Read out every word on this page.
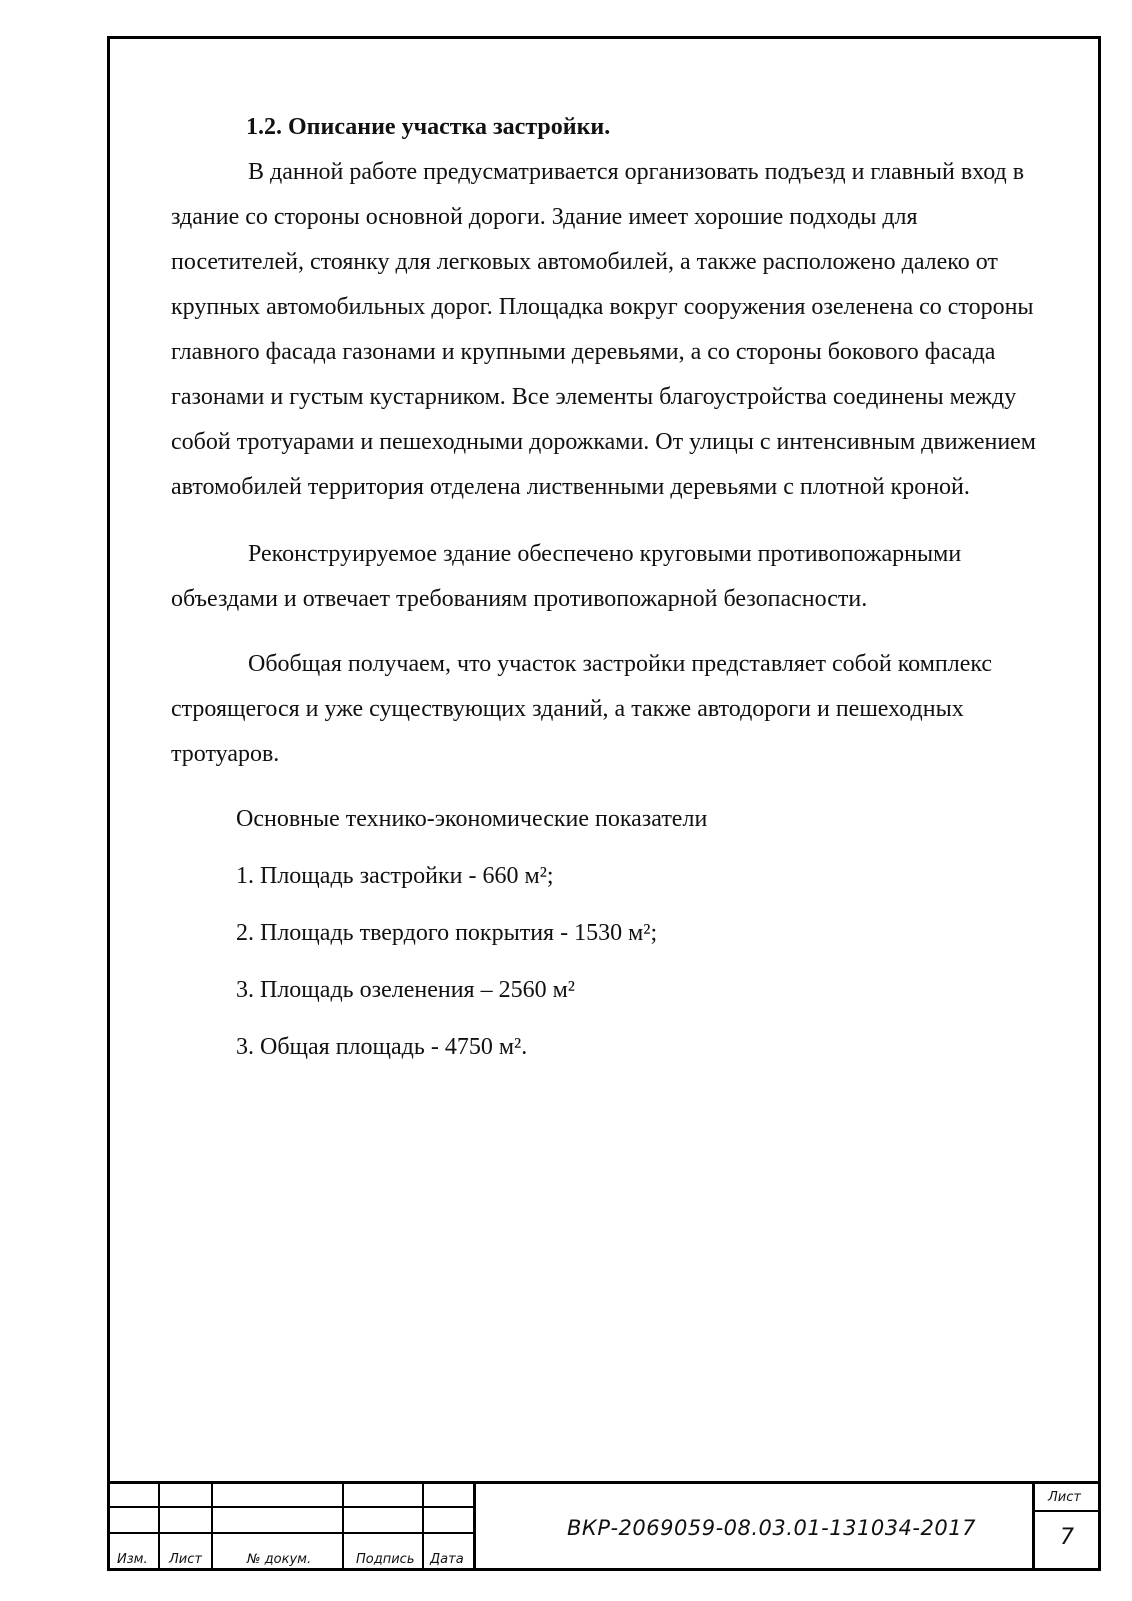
1.2. Описание участка застройки.

В данной работе предусматривается организовать подъезд и главный вход в здание со стороны основной дороги. Здание имеет хорошие подходы для посетителей, стоянку для легковых автомобилей, а также расположено далеко от крупных автомобильных дорог. Площадка вокруг сооружения озеленена со стороны главного фасада газонами и крупными деревьями, а со стороны бокового фасада газонами и густым кустарником. Все элементы благоустройства соединены между собой тротуарами и пешеходными дорожками. От улицы с интенсивным движением автомобилей территория отделена лиственными деревьями с плотной кроной.

Реконструируемое здание обеспечено круговыми противопожарными объездами и отвечает требованиям противопожарной безопасности.

Обобщая получаем, что участок застройки представляет собой комплекс строящегося и уже существующих зданий, а также автодороги и пешеходных тротуаров.

Основные технико-экономические показатели

1. Площадь застройки - 660 м²;

2. Площадь твердого покрытия - 1530 м²;

3. Площадь озеленения – 2560 м²

3. Общая площадь - 4750 м².

Изм. Лист	№ докум.	Подпись Дата
ВКР-2069059-08.03.01-131034-2017
Лист
7
